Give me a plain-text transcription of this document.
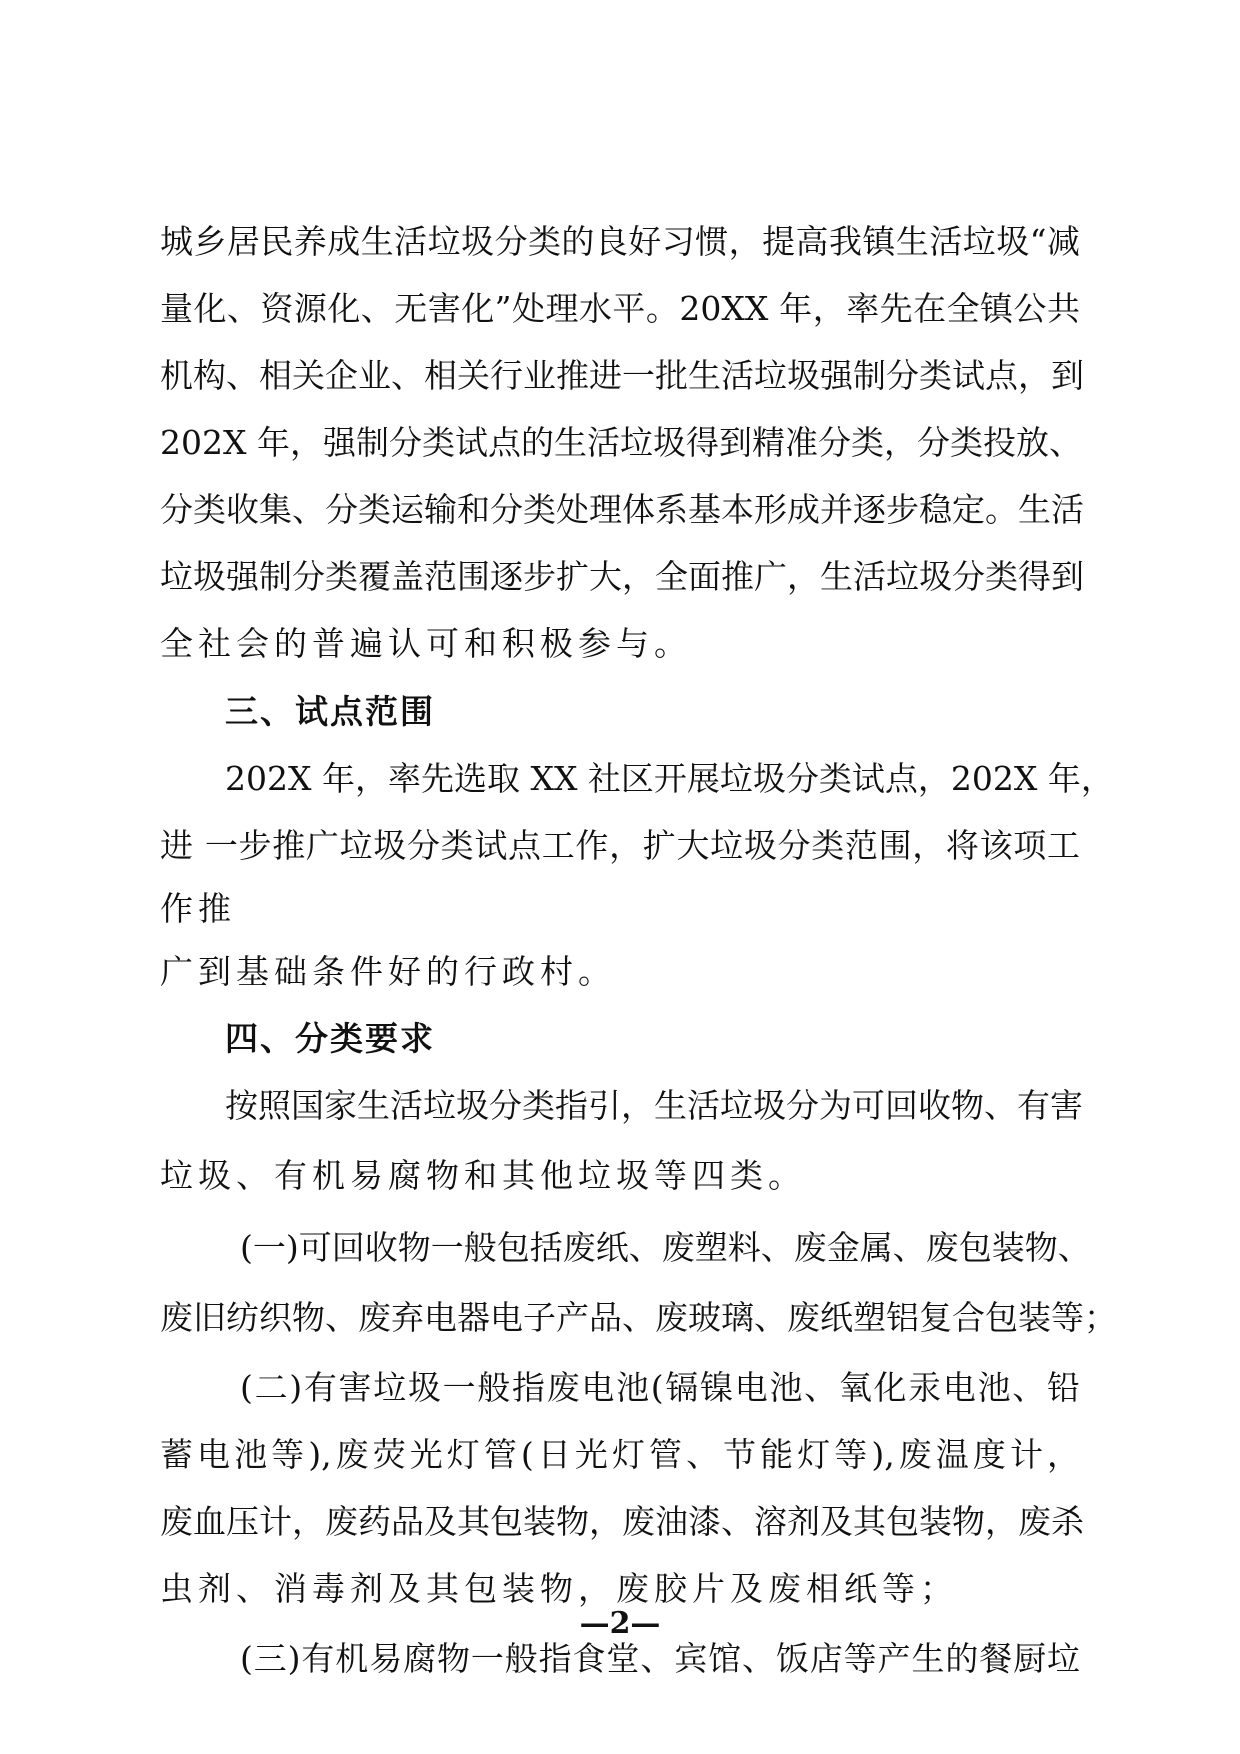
城乡居民养成生活垃圾分类的良好习惯，提高我镇生活垃圾“减
量化、资源化、无害化”处理水平。20XX 年，率先在全镇公共
机构、相关企业、相关行业推进一批生活垃圾强制分类试点，到
202X 年，强制分类试点的生活垃圾得到精准分类，分类投放、
分类收集、分类运输和分类处理体系基本形成并逐步稳定。生活
垃圾强制分类覆盖范围逐步扩大，全面推广，生活垃圾分类得到
全社会的普遍认可和积极参与。
三、试点范围
202X 年，率先选取 XX 社区开展垃圾分类试点，202X 年，
进 一步推广垃圾分类试点工作，扩大垃圾分类范围，将该项工
作推
广到基础条件好的行政村。
四、分类要求
按照国家生活垃圾分类指引，生活垃圾分为可回收物、有害
垃圾、有机易腐物和其他垃圾等四类。
(一)可回收物一般包括废纸、废塑料、废金属、废包装物、
废旧纺织物、废弃电器电子产品、废玻璃、废纸塑铝复合包装等；
(二)有害垃圾一般指废电池(镉镍电池、氧化汞电池、铅
蓄电池等),废荧光灯管(日光灯管、节能灯等),废温度计，
废血压计，废药品及其包装物，废油漆、溶剂及其包装物，废杀
虫剂、消毒剂及其包装物，废胶片及废相纸等；
(三)有机易腐物一般指食堂、宾馆、饭店等产生的餐厨垃
—2—
